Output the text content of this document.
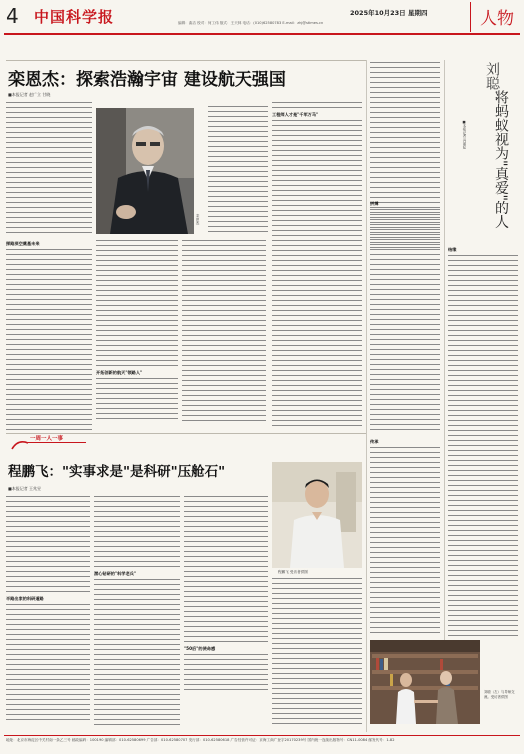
4 中国科学报	2025年10月23日 星期四
编辑：曲洁 校对：何工伟 版式：王天林 电话：(010)62580783 E-mail：zhj@stimes.cn	人物
栾恩杰：探索浩瀚宇宙 建设航天强国
■本报记者 赵广立 甘晓
栾恩杰
探路深空奠基未来
开拓创新的航天"领路人"
工程师人才是"千军万马"
一周一人一事
程鹏飞："实事求是"是科研"压舱石"
■本报记者 王兆昱
程鹏飞 受访者供图
半路出家的科研道路
潜心钻研的"科学老兵"
"50后"的使命感
刘聪：
将蚂蚁视为"真爱"的人
■本报记者 冯丽妃
拼搏
传承
结缘
刘聪（左）与导师交流。受访者供图
地址：北京市海淀区中关村南一条乙三号 邮政编码：100190 编辑部：010-62580699 广告部：010-62580707 发行部：010-62580618 广告经营许可证：京海工商广登字20170239号 国内统一连续出版物号：CN11-0084 邮发代号：1-82
